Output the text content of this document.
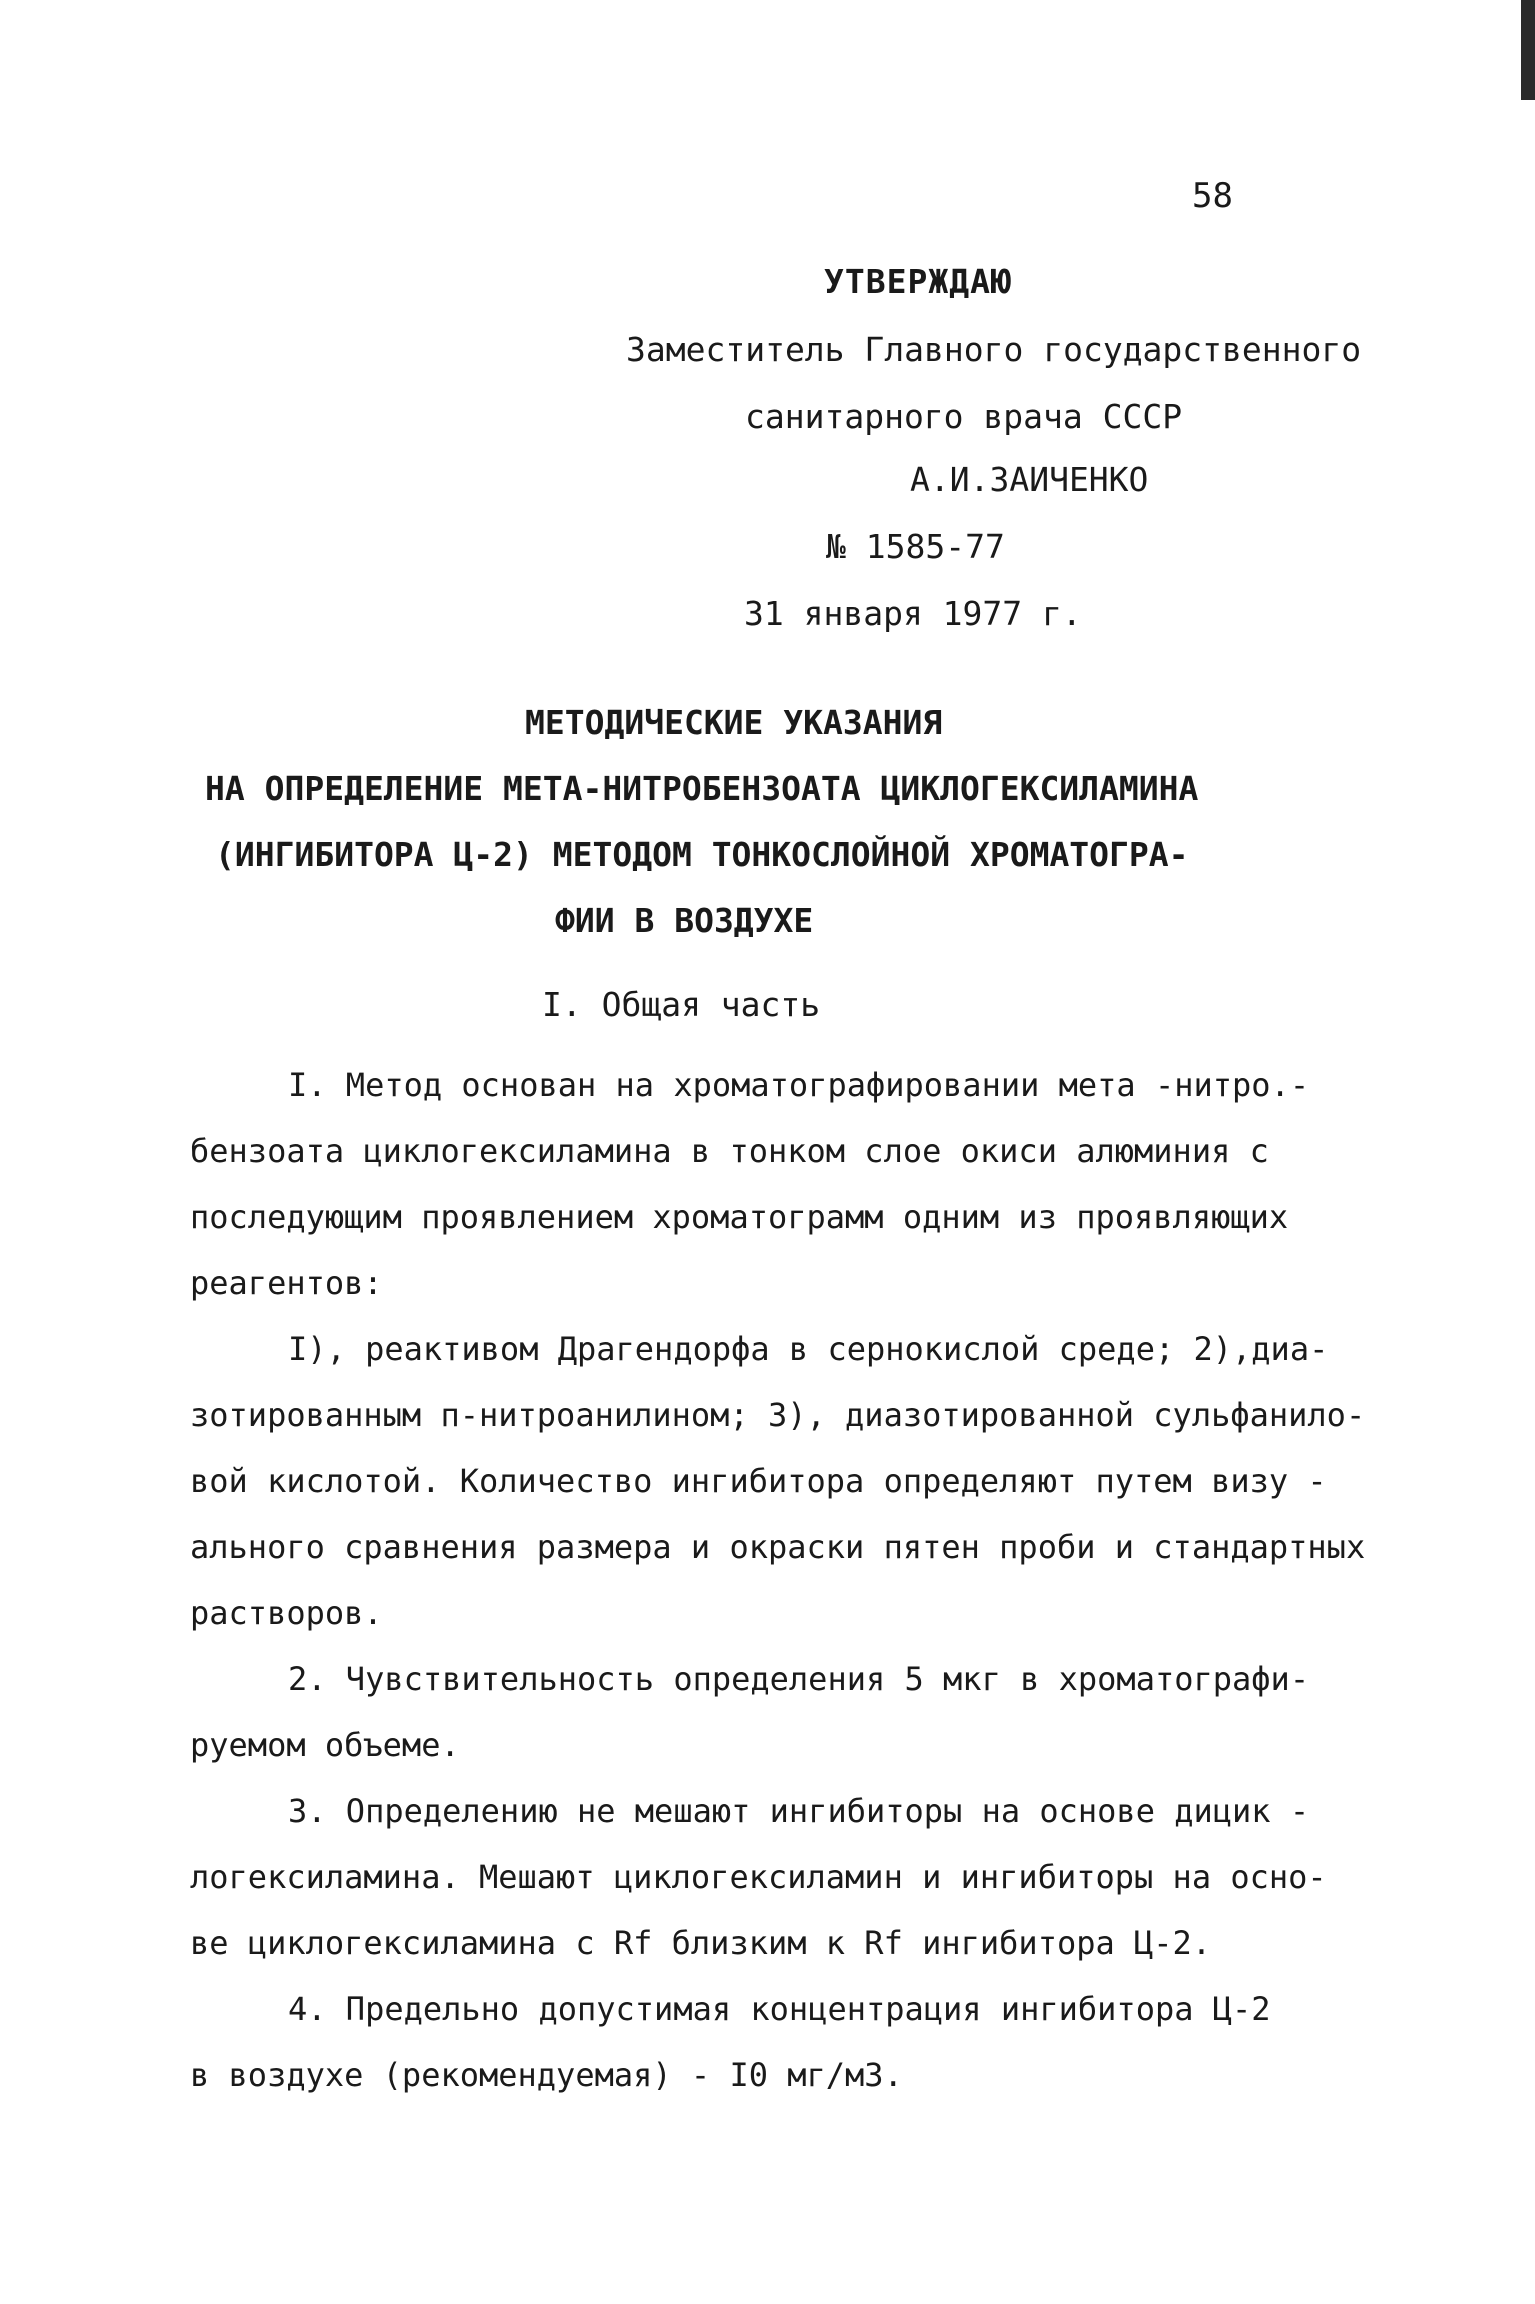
58
УТВЕРЖДАЮ
Заместитель Главного государственного
санитарного врача СССР
А.И.ЗАИЧЕНКО
№ 1585-77
31 января 1977 г.
МЕТОДИЧЕСКИЕ УКАЗАНИЯ
НА ОПРЕДЕЛЕНИЕ МЕТА-НИТРОБЕНЗОАТА ЦИКЛОГЕКСИЛАМИНА
(ИНГИБИТОРА Ц-2) МЕТОДОМ ТОНКОСЛОЙНОЙ ХРОМАТОГРА-
ФИИ В ВОЗДУХЕ
I. Общая часть
I. Метод основан на хроматографировании мета -нитро.-
бензоата циклогексиламина в тонком слое окиси алюминия с
последующим проявлением хроматограмм одним из проявляющих
реагентов:
I), реактивом Драгендорфа в сернокислой среде; 2),диа-
зотированным п-нитроанилином; 3), диазотированной сульфанило-
вой кислотой. Количество ингибитора определяют путем визу -
ального сравнения размера и окраски пятен проби и стандартных
растворов.
2. Чувствительность определения 5 мкг в хроматографи-
руемом объеме.
3. Определению не мешают ингибиторы на основе дицик -
логексиламина. Мешают циклогексиламин и ингибиторы на осно-
ве циклогексиламина с Rf близким к Rf ингибитора Ц-2.
4. Предельно допустимая концентрация ингибитора Ц-2
в воздухе (рекомендуемая) - I0 мг/м3.
